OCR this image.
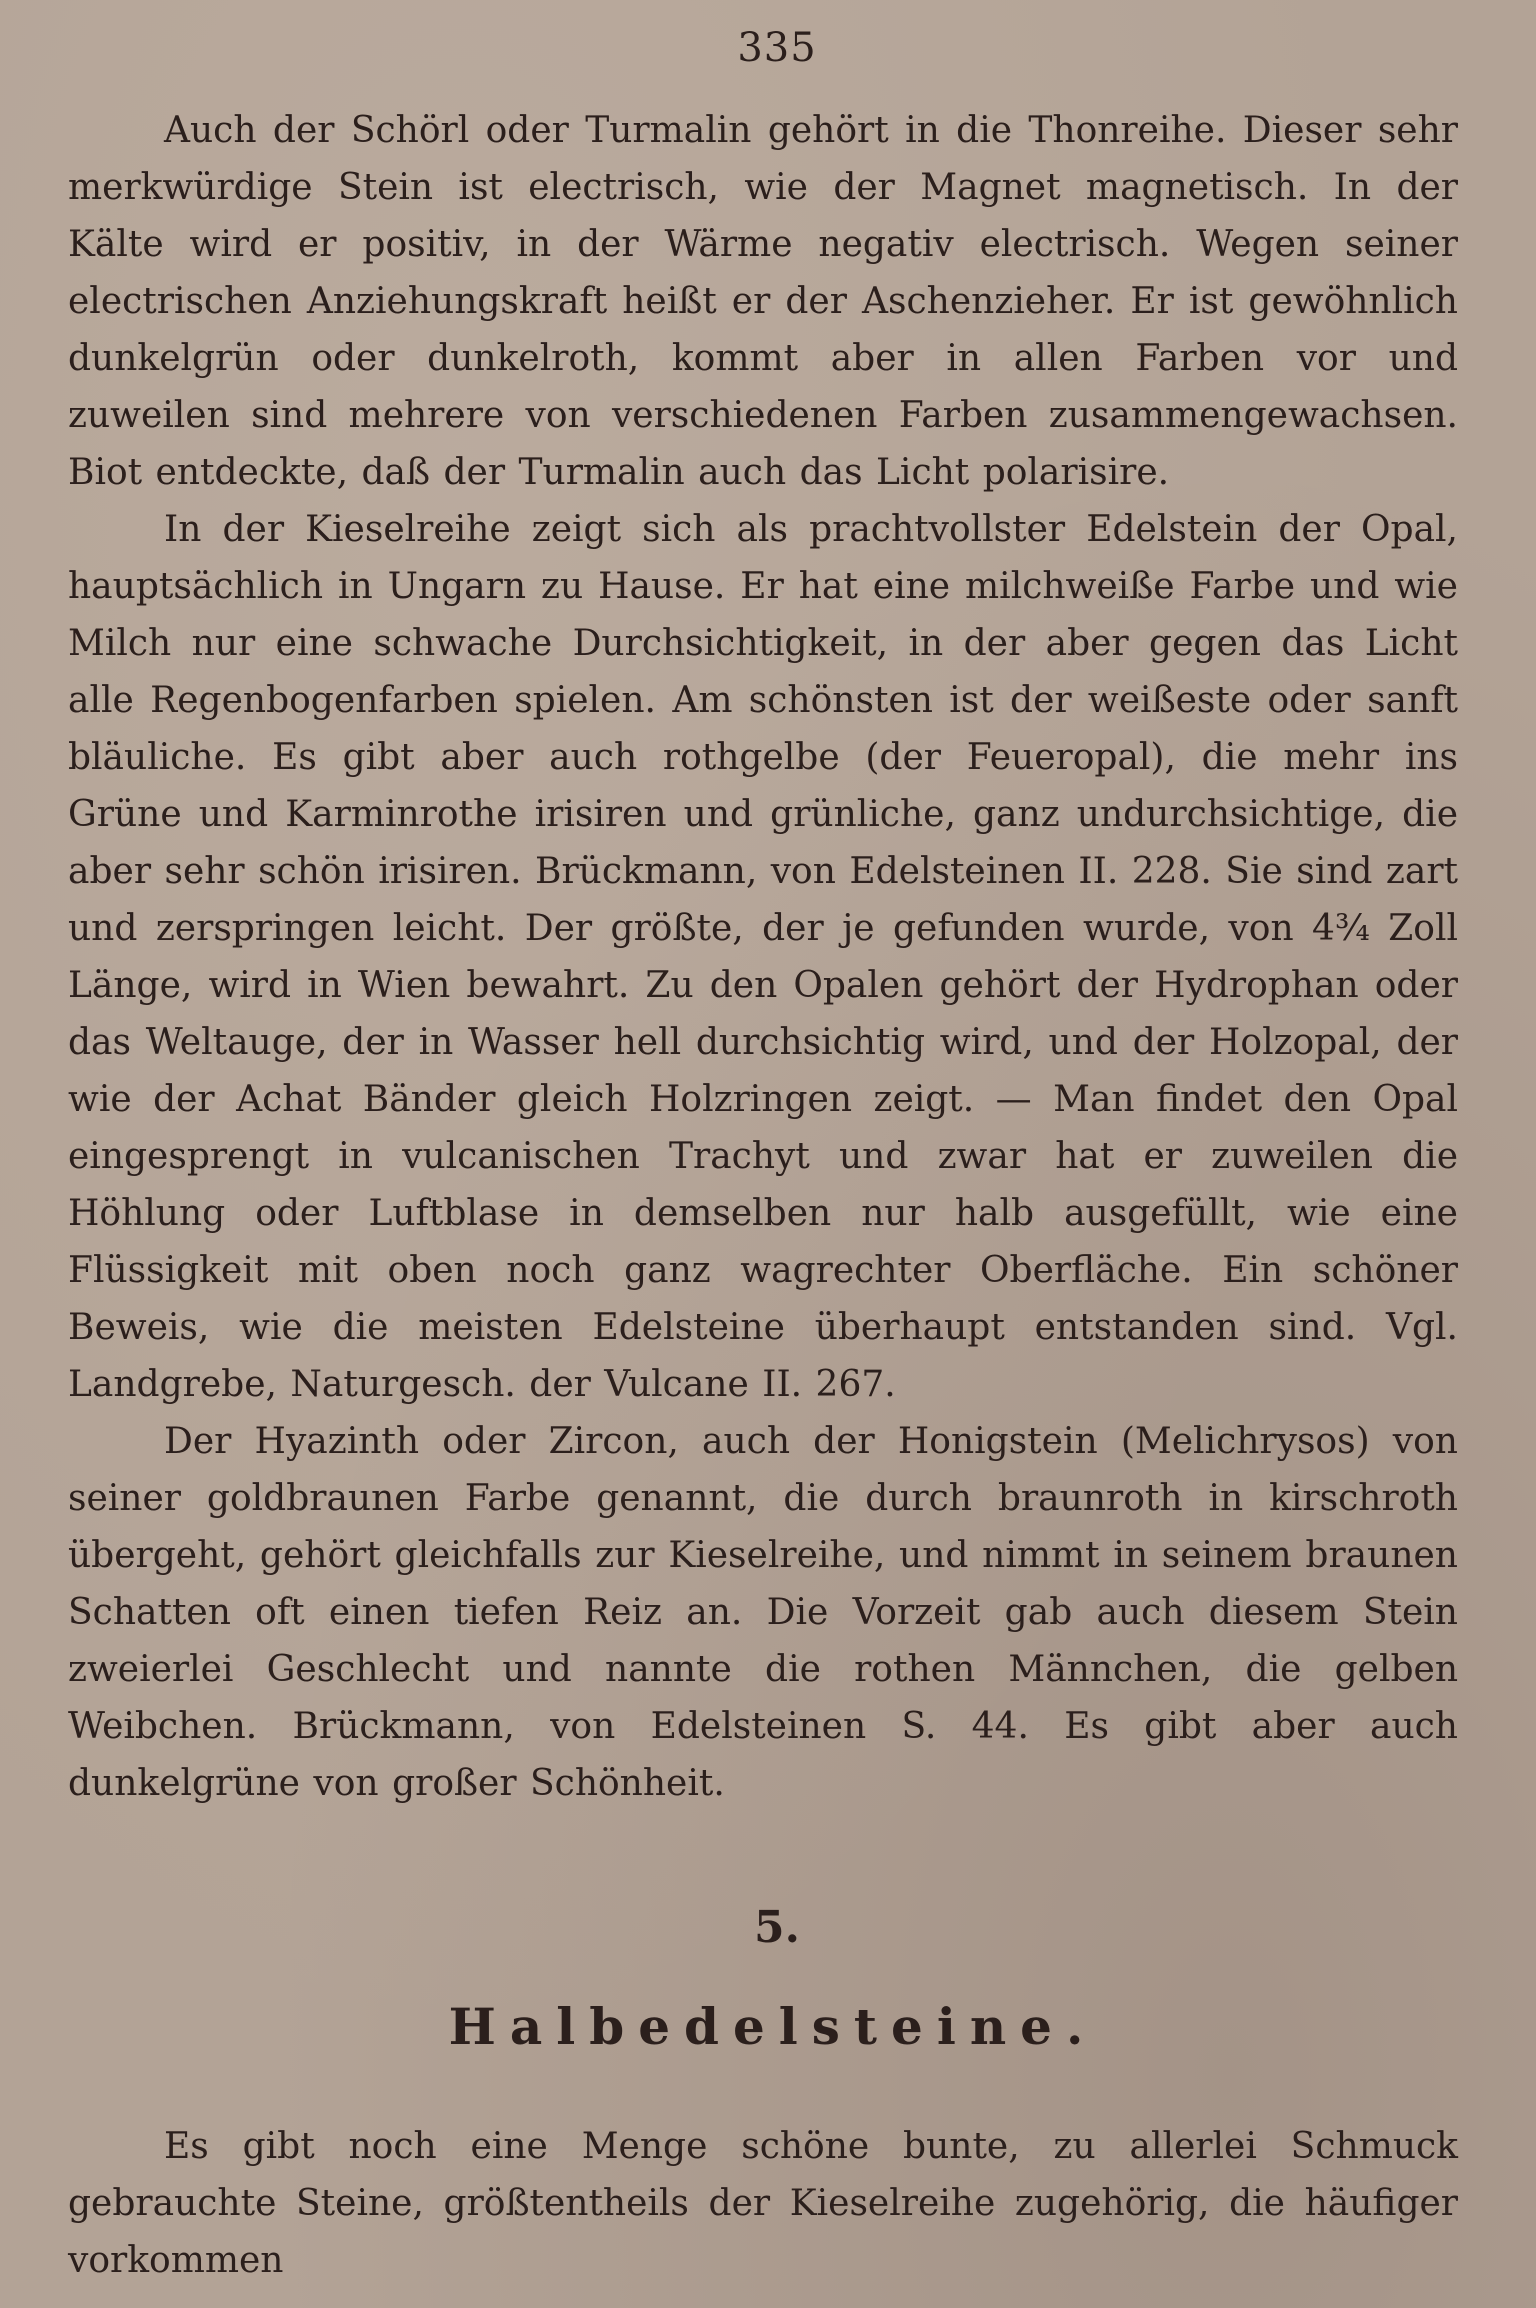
335

Auch der Schörl oder Turmalin gehört in die Thonreihe. Dieser sehr merkwürdige Stein ist electrisch, wie der Magnet magnetisch. In der Kälte wird er positiv, in der Wärme negativ electrisch. Wegen seiner electrischen Anziehungskraft heißt er der Aschenzieher. Er ist gewöhnlich dunkelgrün oder dunkelroth, kommt aber in allen Farben vor und zuweilen sind mehrere von verschiedenen Farben zusammengewachsen. Biot entdeckte, daß der Turmalin auch das Licht polarisire.

In der Kieselreihe zeigt sich als prachtvollster Edelstein der Opal, hauptsächlich in Ungarn zu Hause. Er hat eine milchweiße Farbe und wie Milch nur eine schwache Durchsichtigkeit, in der aber gegen das Licht alle Regenbogenfarben spielen. Am schönsten ist der weißeste oder sanft bläuliche. Es gibt aber auch rothgelbe (der Feueropal), die mehr ins Grüne und Karminrothe irisiren und grünliche, ganz undurchsichtige, die aber sehr schön irisiren. Brückmann, von Edelsteinen II. 228. Sie sind zart und zerspringen leicht. Der größte, der je gefunden wurde, von 4¾ Zoll Länge, wird in Wien bewahrt. Zu den Opalen gehört der Hydrophan oder das Weltauge, der in Wasser hell durchsichtig wird, und der Holzopal, der wie der Achat Bänder gleich Holzringen zeigt. — Man findet den Opal eingesprengt in vulcanischen Trachyt und zwar hat er zuweilen die Höhlung oder Luftblase in demselben nur halb ausgefüllt, wie eine Flüssigkeit mit oben noch ganz wagrechter Oberfläche. Ein schöner Beweis, wie die meisten Edelsteine überhaupt entstanden sind. Vgl. Landgrebe, Naturgesch. der Vulcane II. 267.

Der Hyazinth oder Zircon, auch der Honigstein (Melichrysos) von seiner goldbraunen Farbe genannt, die durch braunroth in kirschroth übergeht, gehört gleichfalls zur Kieselreihe, und nimmt in seinem braunen Schatten oft einen tiefen Reiz an. Die Vorzeit gab auch diesem Stein zweierlei Geschlecht und nannte die rothen Männchen, die gelben Weibchen. Brückmann, von Edelsteinen S. 44. Es gibt aber auch dunkelgrüne von großer Schönheit.

5.
Halbedelsteine.

Es gibt noch eine Menge schöne bunte, zu allerlei Schmuck gebrauchte Steine, größtentheils der Kieselreihe zugehörig, die häufiger vorkommen
